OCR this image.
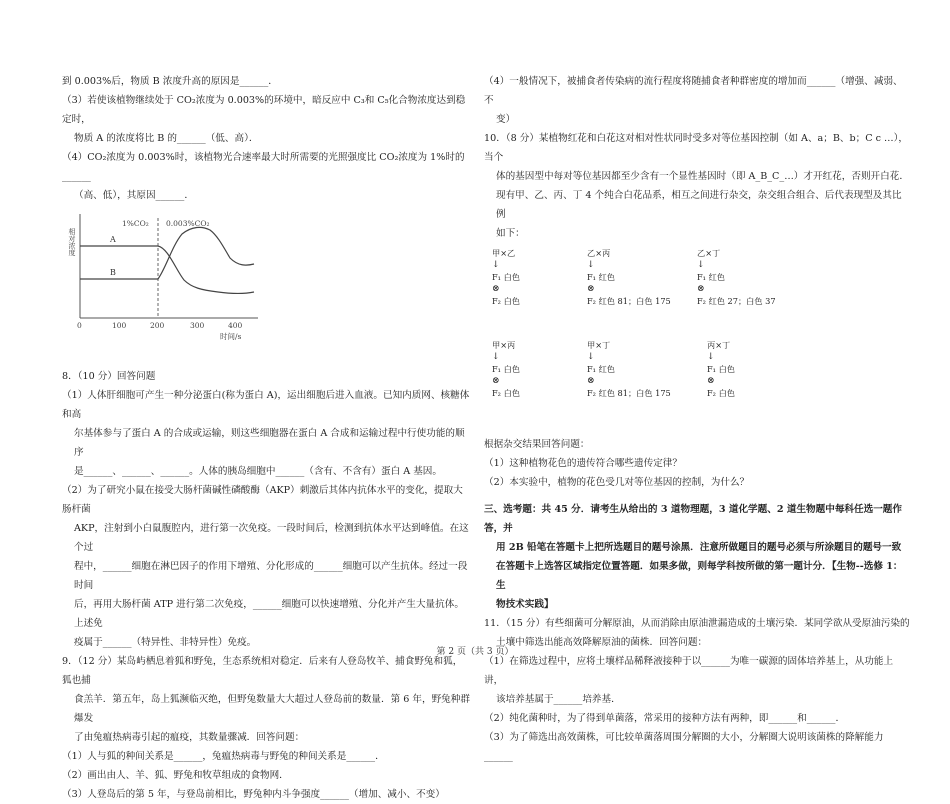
到 0.003%后，物质 B 浓度升高的原因是______．

（3）若使该植物继续处于 CO₂浓度为 0.003%的环境中，暗反应中 C₃和 C₅化合物浓度达到稳定时，

物质 A 的浓度将比 B 的______（低、高）．

（4）CO₂浓度为 0.003%时，该植物光合速率最大时所需要的光照强度比 CO₂浓度为 1%时的______

（高、低），其原因______．

相对浓度
1%CO₂ 0.003%CO₂
A
B
0	100	200	300	400
时间/s

8．（10 分）回答问题

（1）人体肝细胞可产生一种分泌蛋白(称为蛋白 A)，运出细胞后进入血液。已知内质网、核糖体和高

尔基体参与了蛋白 A 的合成或运输，则这些细胞器在蛋白 A 合成和运输过程中行使功能的顺序

是______、______、______。人体的胰岛细胞中______（含有、不含有）蛋白 A 基因。

（2）为了研究小鼠在接受大肠杆菌碱性磷酸酶（AKP）刺激后其体内抗体水平的变化，提取大肠杆菌

AKP，注射到小白鼠腹腔内，进行第一次免疫。一段时间后，检测到抗体水平达到峰值。在这个过

程中，______细胞在淋巴因子的作用下增殖、分化形成的______细胞可以产生抗体。经过一段时间

后，再用大肠杆菌 ATP 进行第二次免疫，______细胞可以快速增殖、分化并产生大量抗体。上述免

疫属于______（特异性、非特异性）免疫。

9．（12 分）某岛屿栖息着狐和野兔，生态系统相对稳定．后来有人登岛牧羊、捕食野兔和狐，狐也捕

食羔羊．第五年，岛上狐濒临灭绝，但野兔数量大大超过人登岛前的数量．第 6 年，野兔种群爆发

了由兔瘟热病毒引起的瘟疫，其数量骤减．回答问题：

（1）人与狐的种间关系是______，兔瘟热病毒与野兔的种间关系是______．

（2）画出由人、羊、狐、野兔和牧草组成的食物网．

（3）人登岛后的第 5 年，与登岛前相比，野兔种内斗争强度______（增加、减小、不变）

（4）一般情况下，被捕食者传染病的流行程度将随捕食者种群密度的增加而______（增强、减弱、不

变）

10．（8 分）某植物红花和白花这对相对性状同时受多对等位基因控制（如 A、a；B、b；C c …），当个

体的基因型中每对等位基因都至少含有一个显性基因时（即 A_B_C_…）才开红花，否则开白花．

现有甲、乙、丙、丁 4 个纯合白花品系，相互之间进行杂交，杂交组合组合、后代表现型及其比例

如下：

甲×乙
↓
F₁ 白色
⊗
F₂ 白色
乙×丙
↓
F₁ 红色
⊗
F₂ 红色 81；白色 175
乙×丁
↓
F₁ 红色
⊗
F₂ 红色 27；白色 37
甲×丙
↓
F₁ 白色
⊗
F₂ 白色
甲×丁
↓
F₁ 红色
⊗
F₂ 红色 81；白色 175
丙×丁
↓
F₁ 白色
⊗
F₂ 白色

根据杂交结果回答问题：

（1）这种植物花色的遗传符合哪些遗传定律？

（2）本实验中，植物的花色受几对等位基因的控制，为什么？

三、选考题：共 45 分．请考生从给出的 3 道物理题，3 道化学题、2 道生物题中每科任选一题作答，并

用 2B 铅笔在答题卡上把所选题目的题号涂黑．注意所做题目的题号必须与所涂题目的题号一致

在答题卡上选答区域指定位置答题．如果多做，则每学科按所做的第一题计分．【生物--选修 1：生

物技术实践】

11．（15 分）有些细菌可分解原油，从而消除由原油泄漏造成的土壤污染．某同学欲从受原油污染的

土壤中筛选出能高效降解原油的菌株．回答问题：

（1）在筛选过程中，应将土壤样品稀释液接种于以______为唯一碳源的固体培养基上，从功能上讲，

该培养基属于______培养基．

（2）纯化菌种时，为了得到单菌落，常采用的接种方法有两种，即______和______．

（3）为了筛选出高效菌株，可比较单菌落周围分解圈的大小，分解圈大说明该菌株的降解能力______

第 2 页（共 3 页）
